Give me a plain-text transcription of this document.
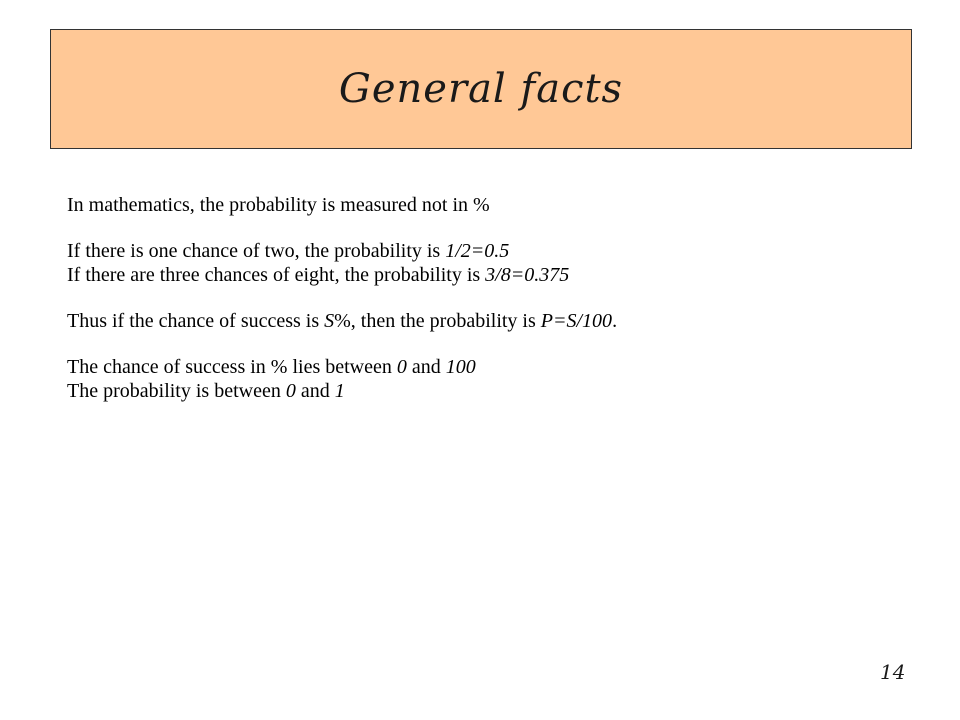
General facts

In mathematics, the probability is measured not in %

If there is one chance of two, the probability is 1/2=0.5

If there are three chances of eight, the probability is 3/8=0.375

Thus if the chance of success is S%, then the probability is P=S/100.

The chance of success in % lies between 0 and 100

The probability is between 0 and 1

14
